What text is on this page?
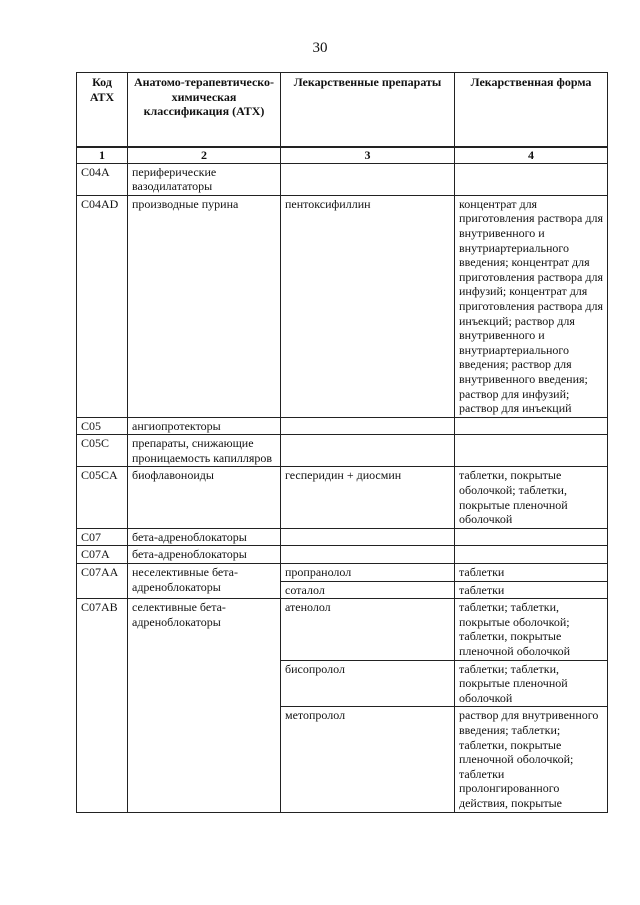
30
Код АТХ	Анатомо-терапевтическо-химическая классификация (АТХ)	Лекарственные препараты	Лекарственная форма
1	2	3	4
C04A	периферические вазодилататоры		
C04AD	производные пурина	пентоксифиллин	концентрат для приготовления раствора для внутривенного и внутриартериального введения; концентрат для приготовления раствора для инфузий; концентрат для приготовления раствора для инъекций; раствор для внутривенного и внутриартериального введения; раствор для внутривенного введения; раствор для инфузий; раствор для инъекций
C05	ангиопротекторы		
C05C	препараты, снижающие проницаемость капилляров		
C05CA	биофлавоноиды	гесперидин + диосмин	таблетки, покрытые оболочкой; таблетки, покрытые пленочной оболочкой
C07	бета-адреноблокаторы		
C07A	бета-адреноблокаторы		
C07AA	неселективные бета-адреноблокаторы	пропранолол	таблетки
		соталол	таблетки
C07AB	селективные бета-адреноблокаторы	атенолол	таблетки; таблетки, покрытые оболочкой; таблетки, покрытые пленочной оболочкой
		бисопролол	таблетки; таблетки, покрытые пленочной оболочкой
		метопролол	раствор для внутривенного введения; таблетки; таблетки, покрытые пленочной оболочкой; таблетки пролонгированного действия, покрытые
